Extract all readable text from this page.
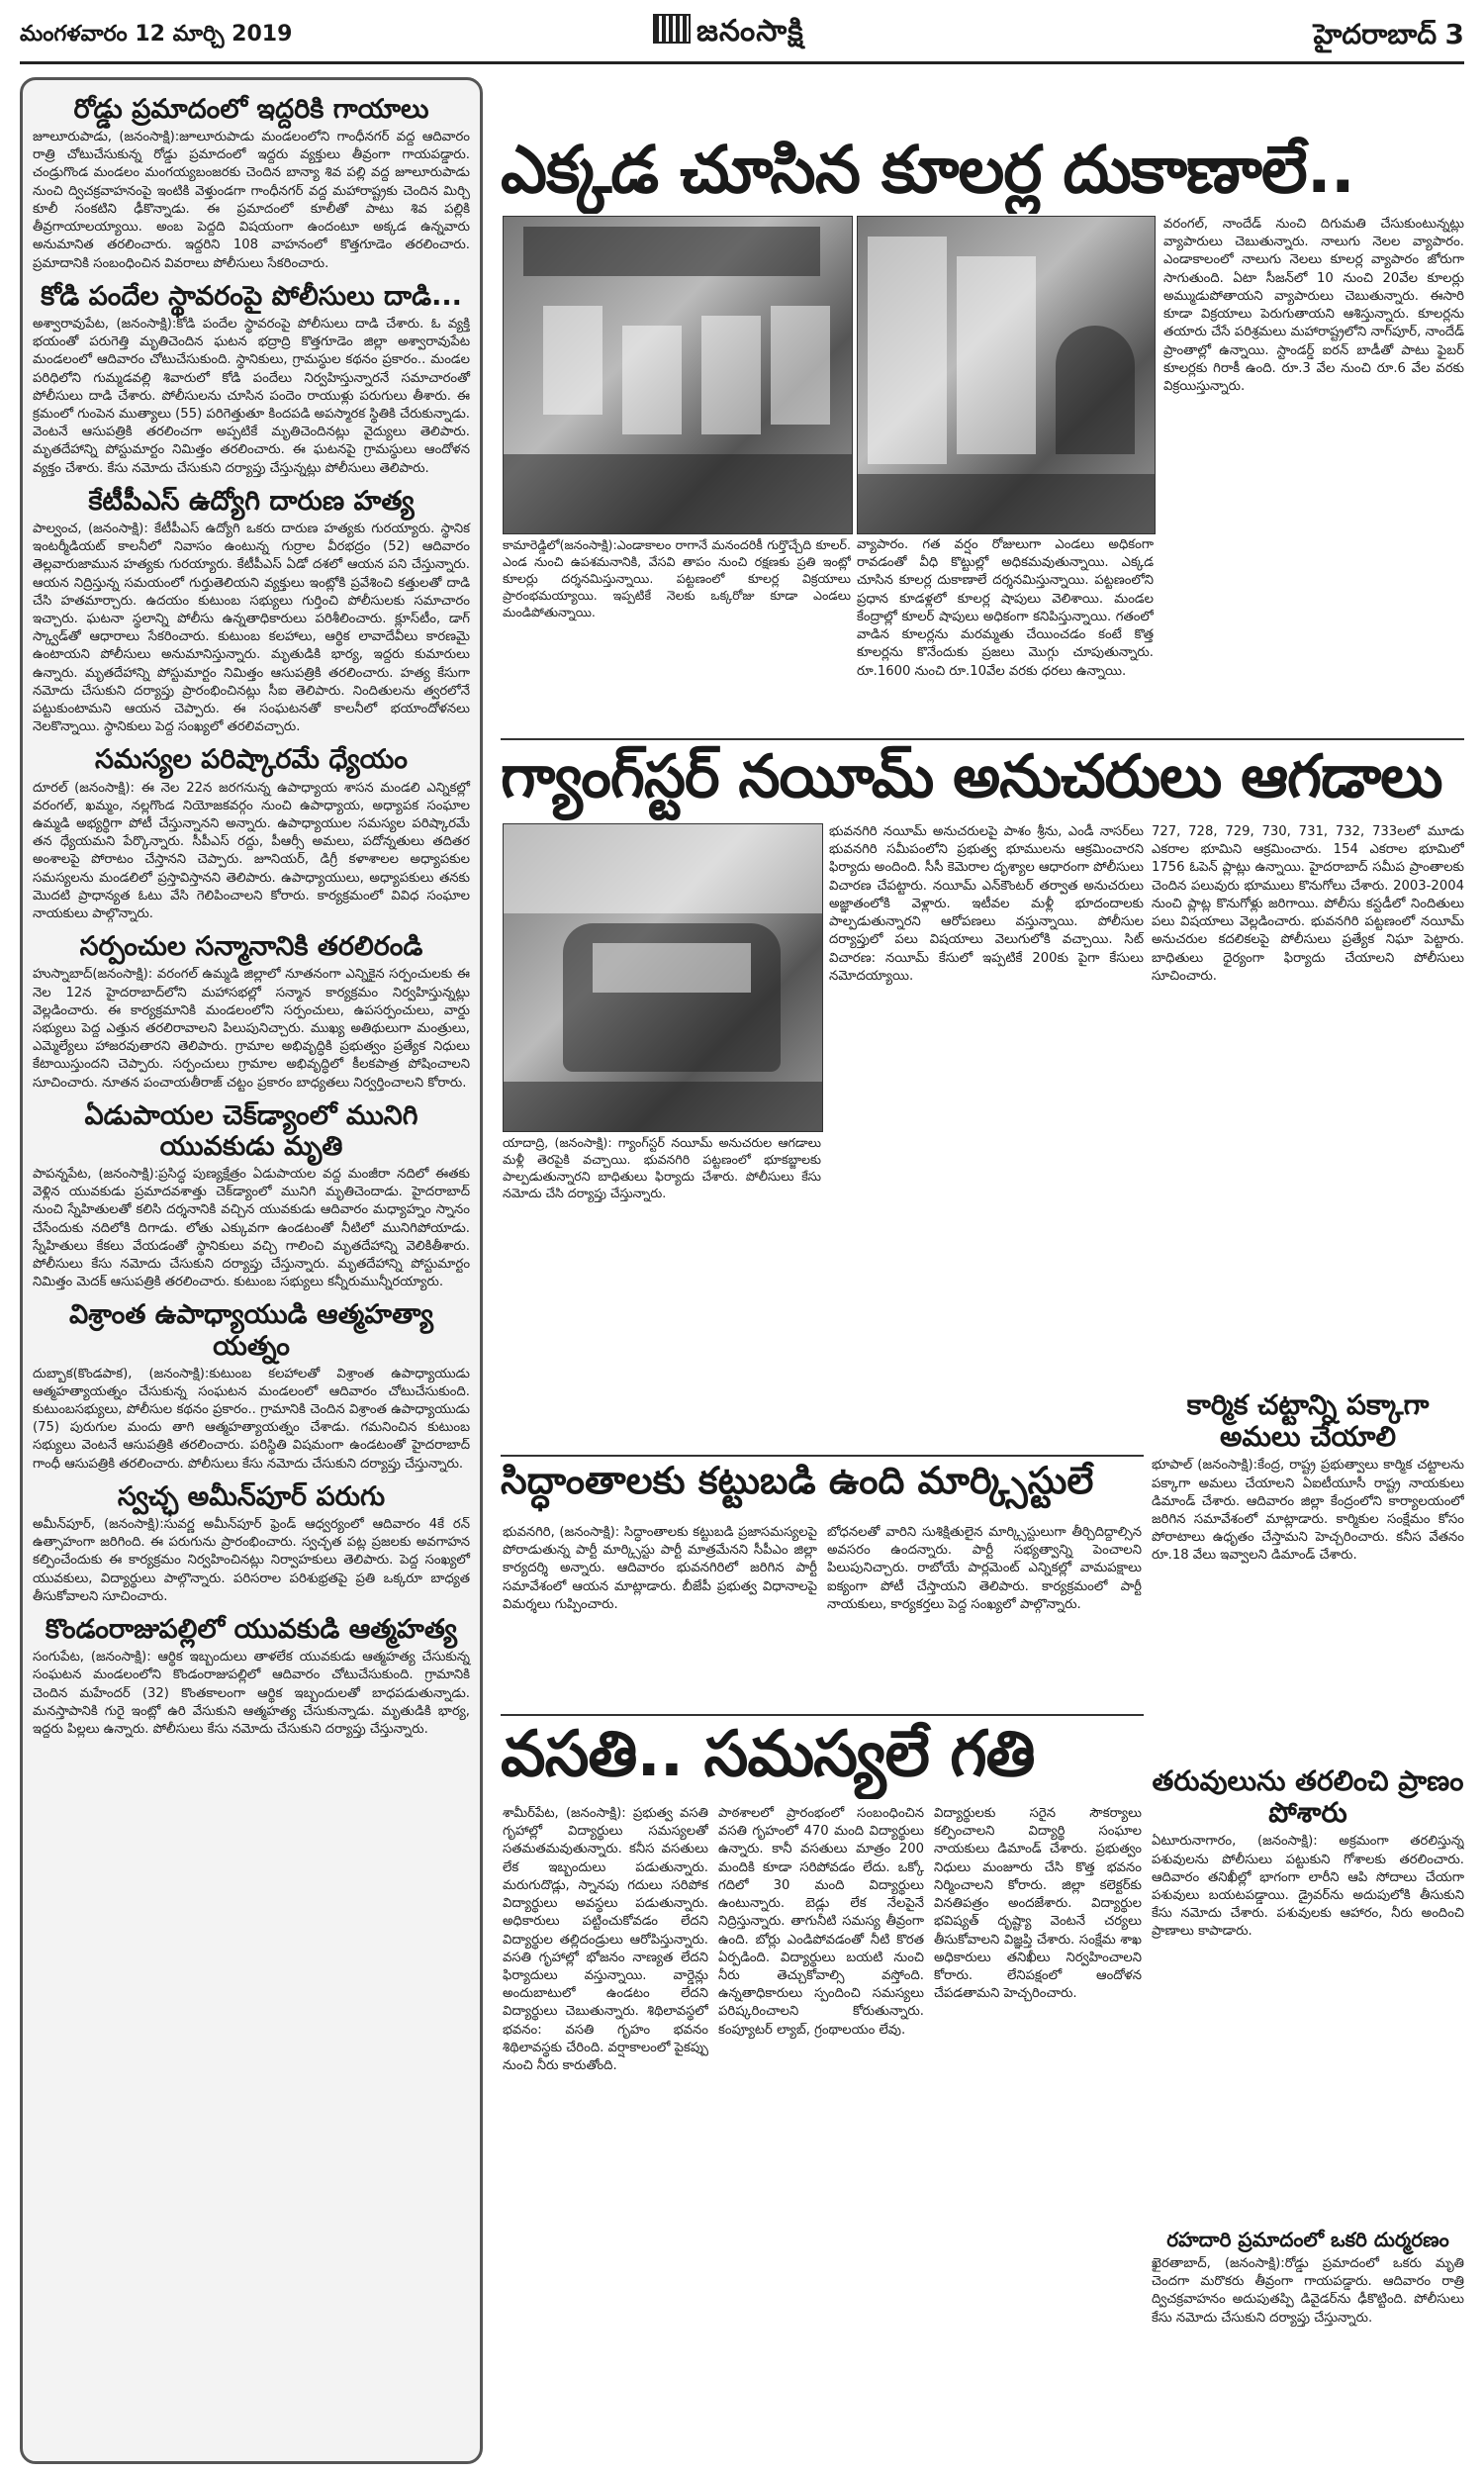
మంగళవారం 12 మార్చి 2019	జనంసాక్షి	హైదరాబాద్ 3
రోడ్డు ప్రమాదంలో ఇద్దరికి గాయాలు

జూలూరుపాడు, (జనంసాక్షి):జూలూరుపాడు మండలంలోని గాంధీనగర్ వద్ద ఆదివారం రాత్రి చోటుచేసుకున్న రోడ్డు ప్రమాదంలో ఇద్దరు వ్యక్తులు తీవ్రంగా గాయపడ్డారు. చండ్రుగొండ మండలం మంగయ్యబంజరకు చెందిన బాన్యా శివ పల్లి వద్ద జూలూరుపాడు నుంచి ద్విచక్రవాహనంపై ఇంటికి వెళ్తుండగా గాంధీనగర్ వద్ద మహారాష్ట్రకు చెందిన మిర్చి కూలీ సంకటిని ఢీకొన్నాడు. ఈ ప్రమాదంలో కూలీతో పాటు శివ పల్లికి తీవ్రగాయాలయ్యాయి. అంబ పెద్దది విషయంగా ఉందంటూ అక్కడ ఉన్నవారు అనుమానిత తరలించారు. ఇద్దరిని 108 వాహనంలో కొత్తగూడెం తరలించారు. ప్రమాదానికి సంబంధించిన వివరాలు పోలీసులు సేకరించారు.

కోడి పందేల స్థావరంపై పోలీసులు దాడి...

అశ్వారావుపేట, (జనంసాక్షి):కోడి పందేల స్థావరంపై పోలీసులు దాడి చేశారు. ఓ వ్యక్తి భయంతో పరుగెత్తి మృతిచెందిన ఘటన భద్రాద్రి కొత్తగూడెం జిల్లా అశ్వారావుపేట మండలంలో ఆదివారం చోటుచేసుకుంది. స్థానికులు, గ్రామస్థుల కథనం ప్రకారం.. మండల పరిధిలోని గుమ్మడవల్లి శివారులో కోడి పందేలు నిర్వహిస్తున్నారనే సమాచారంతో పోలీసులు దాడి చేశారు. పోలీసులను చూసిన పందెం రాయుళ్లు పరుగులు తీశారు. ఈ క్రమంలో గుంపెన ముత్యాలు (55) పరిగెత్తుతూ కిందపడి అపస్మారక స్థితికి చేరుకున్నాడు. వెంటనే ఆసుపత్రికి తరలించగా అప్పటికే మృతిచెందినట్లు వైద్యులు తెలిపారు. మృతదేహాన్ని పోస్టుమార్టం నిమిత్తం తరలించారు. ఈ ఘటనపై గ్రామస్థులు ఆందోళన వ్యక్తం చేశారు. కేసు నమోదు చేసుకుని దర్యాప్తు చేస్తున్నట్లు పోలీసులు తెలిపారు.

కేటీపీఎస్ ఉద్యోగి దారుణ హత్య

పాల్వంచ, (జనంసాక్షి): కేటీపీఎస్ ఉద్యోగి ఒకరు దారుణ హత్యకు గురయ్యారు. స్థానిక ఇంటర్మీడియట్ కాలనీలో నివాసం ఉంటున్న గుర్రాల వీరభద్రం (52) ఆదివారం తెల్లవారుజామున హత్యకు గురయ్యారు. కేటీపీఎస్ ఏడో దశలో ఆయన పని చేస్తున్నారు. ఆయన నిద్రిస్తున్న సమయంలో గుర్తుతెలియని వ్యక్తులు ఇంట్లోకి ప్రవేశించి కత్తులతో దాడి చేసి హతమార్చారు. ఉదయం కుటుంబ సభ్యులు గుర్తించి పోలీసులకు సమాచారం ఇచ్చారు. ఘటనా స్థలాన్ని పోలీసు ఉన్నతాధికారులు పరిశీలించారు. క్లూస్‌టీం, డాగ్ స్క్వాడ్‌తో ఆధారాలు సేకరించారు. కుటుంబ కలహాలు, ఆర్థిక లావాదేవీలు కారణమై ఉంటాయని పోలీసులు అనుమానిస్తున్నారు. మృతుడికి భార్య, ఇద్దరు కుమారులు ఉన్నారు. మృతదేహాన్ని పోస్టుమార్టం నిమిత్తం ఆసుపత్రికి తరలించారు. హత్య కేసుగా నమోదు చేసుకుని దర్యాప్తు ప్రారంభించినట్లు సీఐ తెలిపారు. నిందితులను త్వరలోనే పట్టుకుంటామని ఆయన చెప్పారు. ఈ సంఘటనతో కాలనీలో భయాందోళనలు నెలకొన్నాయి. స్థానికులు పెద్ద సంఖ్యలో తరలివచ్చారు.

సమస్యల పరిష్కారమే ధ్యేయం

దూరల్ (జనంసాక్షి): ఈ నెల 22న జరగనున్న ఉపాధ్యాయ శాసన మండలి ఎన్నికల్లో వరంగల్, ఖమ్మం, నల్లగొండ నియోజకవర్గం నుంచి ఉపాధ్యాయ, అధ్యాపక సంఘాల ఉమ్మడి అభ్యర్థిగా పోటీ చేస్తున్నానని అన్నారు. ఉపాధ్యాయుల సమస్యల పరిష్కారమే తన ధ్యేయమని పేర్కొన్నారు. సీపీఎస్ రద్దు, పీఆర్సీ అమలు, పదోన్నతులు తదితర అంశాలపై పోరాటం చేస్తానని చెప్పారు. జూనియర్, డిగ్రీ కళాశాలల అధ్యాపకుల సమస్యలను మండలిలో ప్రస్తావిస్తానని తెలిపారు. ఉపాధ్యాయులు, అధ్యాపకులు తనకు మొదటి ప్రాధాన్యత ఓటు వేసి గెలిపించాలని కోరారు. కార్యక్రమంలో వివిధ సంఘాల నాయకులు పాల్గొన్నారు.

సర్పంచుల సన్మానానికి తరలిరండి

హుస్నాబాద్(జనంసాక్షి): వరంగల్ ఉమ్మడి జిల్లాలో నూతనంగా ఎన్నికైన సర్పంచులకు ఈ నెల 12న హైదరాబాద్‌లోని మహాసభల్లో సన్మాన కార్యక్రమం నిర్వహిస్తున్నట్లు వెల్లడించారు. ఈ కార్యక్రమానికి మండలంలోని సర్పంచులు, ఉపసర్పంచులు, వార్డు సభ్యులు పెద్ద ఎత్తున తరలిరావాలని పిలుపునిచ్చారు. ముఖ్య అతిథులుగా మంత్రులు, ఎమ్మెల్యేలు హాజరవుతారని తెలిపారు. గ్రామాల అభివృద్ధికి ప్రభుత్వం ప్రత్యేక నిధులు కేటాయిస్తుందని చెప్పారు. సర్పంచులు గ్రామాల అభివృద్ధిలో కీలకపాత్ర పోషించాలని సూచించారు. నూతన పంచాయతీరాజ్ చట్టం ప్రకారం బాధ్యతలు నిర్వర్తించాలని కోరారు.

ఏడుపాయల చెక్‌డ్యాంలో మునిగి యువకుడు మృతి

పాపన్నపేట, (జనంసాక్షి):ప్రసిద్ధ పుణ్యక్షేత్రం ఏడుపాయల వద్ద మంజీరా నదిలో ఈతకు వెళ్లిన యువకుడు ప్రమాదవశాత్తు చెక్‌డ్యాంలో మునిగి మృతిచెందాడు. హైదరాబాద్ నుంచి స్నేహితులతో కలిసి దర్శనానికి వచ్చిన యువకుడు ఆదివారం మధ్యాహ్నం స్నానం చేసేందుకు నదిలోకి దిగాడు. లోతు ఎక్కువగా ఉండటంతో నీటిలో మునిగిపోయాడు. స్నేహితులు కేకలు వేయడంతో స్థానికులు వచ్చి గాలించి మృతదేహాన్ని వెలికితీశారు. పోలీసులు కేసు నమోదు చేసుకుని దర్యాప్తు చేస్తున్నారు. మృతదేహాన్ని పోస్టుమార్టం నిమిత్తం మెదక్ ఆసుపత్రికి తరలించారు. కుటుంబ సభ్యులు కన్నీరుమున్నీరయ్యారు.

విశ్రాంత ఉపాధ్యాయుడి ఆత్మహత్యా యత్నం

దుబ్బాక(కొండపాక), (జనంసాక్షి):కుటుంబ కలహాలతో విశ్రాంత ఉపాధ్యాయుడు ఆత్మహత్యాయత్నం చేసుకున్న సంఘటన మండలంలో ఆదివారం చోటుచేసుకుంది. కుటుంబసభ్యులు, పోలీసుల కథనం ప్రకారం.. గ్రామానికి చెందిన విశ్రాంత ఉపాధ్యాయుడు (75) పురుగుల మందు తాగి ఆత్మహత్యాయత్నం చేశాడు. గమనించిన కుటుంబ సభ్యులు వెంటనే ఆసుపత్రికి తరలించారు. పరిస్థితి విషమంగా ఉండటంతో హైదరాబాద్ గాంధీ ఆసుపత్రికి తరలించారు. పోలీసులు కేసు నమోదు చేసుకుని దర్యాప్తు చేస్తున్నారు.

స్వచ్ఛ అమీన్‌పూర్ పరుగు

అమీన్‌పూర్, (జనంసాక్షి):సువర్ణ అమీన్‌పూర్ ఫ్రెండ్ ఆధ్వర్యంలో ఆదివారం 4కే రన్ ఉత్సాహంగా జరిగింది. ఈ పరుగును ప్రారంభించారు. స్వచ్ఛత పట్ల ప్రజలకు అవగాహన కల్పించేందుకు ఈ కార్యక్రమం నిర్వహించినట్లు నిర్వాహకులు తెలిపారు. పెద్ద సంఖ్యలో యువకులు, విద్యార్థులు పాల్గొన్నారు. పరిసరాల పరిశుభ్రతపై ప్రతి ఒక్కరూ బాధ్యత తీసుకోవాలని సూచించారు.

కొండంరాజుపల్లిలో యువకుడి ఆత్మహత్య

సంగుపేట, (జనంసాక్షి): ఆర్థిక ఇబ్బందులు తాళలేక యువకుడు ఆత్మహత్య చేసుకున్న సంఘటన మండలంలోని కొండంరాజుపల్లిలో ఆదివారం చోటుచేసుకుంది. గ్రామానికి చెందిన మహేందర్ (32) కొంతకాలంగా ఆర్థిక ఇబ్బందులతో బాధపడుతున్నాడు. మనస్తాపానికి గురై ఇంట్లో ఉరి వేసుకుని ఆత్మహత్య చేసుకున్నాడు. మృతుడికి భార్య, ఇద్దరు పిల్లలు ఉన్నారు. పోలీసులు కేసు నమోదు చేసుకుని దర్యాప్తు చేస్తున్నారు.

ఎక్కడ చూసిన కూలర్ల దుకాణాలే..
కామారెడ్డిలో(జనంసాక్షి):ఎండాకాలం రాగానే మనందరికీ గుర్తొచ్చేది కూలర్. ఎండ నుంచి ఉపశమనానికి, వేసవి తాపం నుంచి రక్షణకు ప్రతి ఇంట్లో కూలర్లు దర్శనమిస్తున్నాయి. పట్టణంలో కూలర్ల విక్రయాలు ప్రారంభమయ్యాయి. ఇప్పటికే నెలకు ఒక్కరోజు కూడా ఎండలు మండిపోతున్నాయి.
వ్యాపారం. గత వర్షం రోజులుగా ఎండలు అధికంగా రావడంతో వీధి కొట్టుల్లో అధికమవుతున్నాయి. ఎక్కడ చూసిన కూలర్ల దుకాణాలే దర్శనమిస్తున్నాయి. పట్టణంలోని ప్రధాన కూడళ్లలో కూలర్ల షాపులు వెలిశాయి. మండల కేంద్రాల్లో కూలర్ షాపులు అధికంగా కనిపిస్తున్నాయి. గతంలో వాడిన కూలర్లను మరమ్మతు చేయించడం కంటే కొత్త కూలర్లను కొనేందుకు ప్రజలు మొగ్గు చూపుతున్నారు. రూ.1600 నుంచి రూ.10వేల వరకు ధరలు ఉన్నాయి.
వరంగల్, నాందేడ్ నుంచి దిగుమతి చేసుకుంటున్నట్లు వ్యాపారులు చెబుతున్నారు. నాలుగు నెలల వ్యాపారం. ఎండాకాలంలో నాలుగు నెలలు కూలర్ల వ్యాపారం జోరుగా సాగుతుంది. ఏటా సీజన్‌లో 10 నుంచి 20వేల కూలర్లు అమ్ముడుపోతాయని వ్యాపారులు చెబుతున్నారు. ఈసారి కూడా విక్రయాలు పెరుగుతాయని ఆశిస్తున్నారు. కూలర్లను తయారు చేసే పరిశ్రమలు మహారాష్ట్రలోని నాగ్‌పూర్, నాందేడ్ ప్రాంతాల్లో ఉన్నాయి. స్టాండర్డ్ ఐరన్ బాడీతో పాటు ఫైబర్ కూలర్లకు గిరాకీ ఉంది. రూ.3 వేల నుంచి రూ.6 వేల వరకు విక్రయిస్తున్నారు.
గ్యాంగ్‌స్టర్ నయీమ్ అనుచరులు ఆగడాలు
యాదాద్రి, (జనంసాక్షి): గ్యాంగ్‌స్టర్ నయీమ్ అనుచరుల ఆగడాలు మళ్లీ తెరపైకి వచ్చాయి. భువనగిరి పట్టణంలో భూకబ్జాలకు పాల్పడుతున్నారని బాధితులు ఫిర్యాదు చేశారు. పోలీసులు కేసు నమోదు చేసి దర్యాప్తు చేస్తున్నారు.
భువనగిరి నయీమ్ అనుచరులపై పాశం శ్రీను, ఎండీ నాసర్‌లు భువనగిరి సమీపంలోని ప్రభుత్వ భూములను ఆక్రమించారని ఫిర్యాదు అందింది. సీసీ కెమెరాల దృశ్యాల ఆధారంగా పోలీసులు విచారణ చేపట్టారు. నయీమ్ ఎన్‌కౌంటర్ తర్వాత అనుచరులు అజ్ఞాతంలోకి వెళ్లారు. ఇటీవల మళ్లీ భూదందాలకు పాల్పడుతున్నారని ఆరోపణలు వస్తున్నాయి. పోలీసుల దర్యాప్తులో పలు విషయాలు వెలుగులోకి వచ్చాయి. సిట్ విచారణ: నయీమ్ కేసులో ఇప్పటికే 200కు పైగా కేసులు నమోదయ్యాయి.
727, 728, 729, 730, 731, 732, 733లలో మూడు ఎకరాల భూమిని ఆక్రమించారు. 154 ఎకరాల భూమిలో 1756 ఓపెన్ ప్లాట్లు ఉన్నాయి. హైదరాబాద్ సమీప ప్రాంతాలకు చెందిన పలువురు భూములు కొనుగోలు చేశారు. 2003-2004 నుంచి ప్లాట్ల కొనుగోళ్లు జరిగాయి. పోలీసు కస్టడీలో నిందితులు పలు విషయాలు వెల్లడించారు. భువనగిరి పట్టణంలో నయీమ్ అనుచరుల కదలికలపై పోలీసులు ప్రత్యేక నిఘా పెట్టారు. బాధితులు ధైర్యంగా ఫిర్యాదు చేయాలని పోలీసులు సూచించారు.
సిద్ధాంతాలకు కట్టుబడి ఉంది మార్క్సిస్టులే
భువనగిరి, (జనంసాక్షి): సిద్ధాంతాలకు కట్టుబడి ప్రజాసమస్యలపై పోరాడుతున్న పార్టీ మార్క్సిస్టు పార్టీ మాత్రమేనని సీపీఎం జిల్లా కార్యదర్శి అన్నారు. ఆదివారం భువనగిరిలో జరిగిన పార్టీ సమావేశంలో ఆయన మాట్లాడారు. బీజేపీ ప్రభుత్వ విధానాలపై విమర్శలు గుప్పించారు.
బోధనలతో వారిని సుశిక్షితులైన మార్క్సిస్టులుగా తీర్చిదిద్దాల్సిన అవసరం ఉందన్నారు. పార్టీ సభ్యత్వాన్ని పెంచాలని పిలుపునిచ్చారు. రాబోయే పార్లమెంట్ ఎన్నికల్లో వామపక్షాలు ఐక్యంగా పోటీ చేస్తాయని తెలిపారు. కార్యక్రమంలో పార్టీ నాయకులు, కార్యకర్తలు పెద్ద సంఖ్యలో పాల్గొన్నారు.
కార్మిక చట్టాన్ని పక్కాగా అమలు చేయాలి
భూపాల్ (జనంసాక్షి):కేంద్ర, రాష్ట్ర ప్రభుత్వాలు కార్మిక చట్టాలను పక్కాగా అమలు చేయాలని ఏఐటీయూసీ రాష్ట్ర నాయకులు డిమాండ్ చేశారు. ఆదివారం జిల్లా కేంద్రంలోని కార్యాలయంలో జరిగిన సమావేశంలో మాట్లాడారు. కార్మికుల సంక్షేమం కోసం పోరాటాలు ఉధృతం చేస్తామని హెచ్చరించారు. కనీస వేతనం రూ.18 వేలు ఇవ్వాలని డిమాండ్ చేశారు.
వసతి.. సమస్యలే గతి
శామీర్‌పేట, (జనంసాక్షి): ప్రభుత్వ వసతి గృహాల్లో విద్యార్థులు సమస్యలతో సతమతమవుతున్నారు. కనీస వసతులు లేక ఇబ్బందులు పడుతున్నారు. మరుగుదొడ్లు, స్నానపు గదులు సరిపోక విద్యార్థులు అవస్థలు పడుతున్నారు. అధికారులు పట్టించుకోవడం లేదని విద్యార్థుల తల్లిదండ్రులు ఆరోపిస్తున్నారు. వసతి గృహాల్లో భోజనం నాణ్యత లేదని ఫిర్యాదులు వస్తున్నాయి. వార్డెన్లు అందుబాటులో ఉండటం లేదని విద్యార్థులు చెబుతున్నారు. శిథిలావస్థలో భవనం: వసతి గృహం భవనం శిథిలావస్థకు చేరింది. వర్షాకాలంలో పైకప్పు నుంచి నీరు కారుతోంది.
పాఠశాలలో ప్రారంభంలో సంబంధించిన వసతి గృహంలో 470 మంది విద్యార్థులు ఉన్నారు. కానీ వసతులు మాత్రం 200 మందికి కూడా సరిపోవడం లేదు. ఒక్కో గదిలో 30 మంది విద్యార్థులు ఉంటున్నారు. బెడ్లు లేక నేలపైనే నిద్రిస్తున్నారు. తాగునీటి సమస్య తీవ్రంగా ఉంది. బోర్లు ఎండిపోవడంతో నీటి కొరత ఏర్పడింది. విద్యార్థులు బయటి నుంచి నీరు తెచ్చుకోవాల్సి వస్తోంది. ఉన్నతాధికారులు స్పందించి సమస్యలు పరిష్కరించాలని కోరుతున్నారు. కంప్యూటర్ ల్యాబ్, గ్రంథాలయం లేవు.
విద్యార్థులకు సరైన సౌకర్యాలు కల్పించాలని విద్యార్థి సంఘాల నాయకులు డిమాండ్ చేశారు. ప్రభుత్వం నిధులు మంజూరు చేసి కొత్త భవనం నిర్మించాలని కోరారు. జిల్లా కలెక్టర్‌కు వినతిపత్రం అందజేశారు. విద్యార్థుల భవిష్యత్‌ దృష్ట్యా వెంటనే చర్యలు తీసుకోవాలని విజ్ఞప్తి చేశారు. సంక్షేమ శాఖ అధికారులు తనిఖీలు నిర్వహించాలని కోరారు. లేనిపక్షంలో ఆందోళన చేపడతామని హెచ్చరించారు.
తరువులును తరలించి ప్రాణం పోశారు
ఏటూరునాగారం, (జనంసాక్షి): అక్రమంగా తరలిస్తున్న పశువులను పోలీసులు పట్టుకుని గోశాలకు తరలించారు. ఆదివారం తనిఖీల్లో భాగంగా లారీని ఆపి సోదాలు చేయగా పశువులు బయటపడ్డాయి. డ్రైవర్‌ను అదుపులోకి తీసుకుని కేసు నమోదు చేశారు. పశువులకు ఆహారం, నీరు అందించి ప్రాణాలు కాపాడారు.
రహదారి ప్రమాదంలో ఒకరి దుర్మరణం
ఖైరతాబాద్, (జనంసాక్షి):రోడ్డు ప్రమాదంలో ఒకరు మృతి చెందగా మరొకరు తీవ్రంగా గాయపడ్డారు. ఆదివారం రాత్రి ద్విచక్రవాహనం అదుపుతప్పి డివైడర్‌ను ఢీకొట్టింది. పోలీసులు కేసు నమోదు చేసుకుని దర్యాప్తు చేస్తున్నారు.
